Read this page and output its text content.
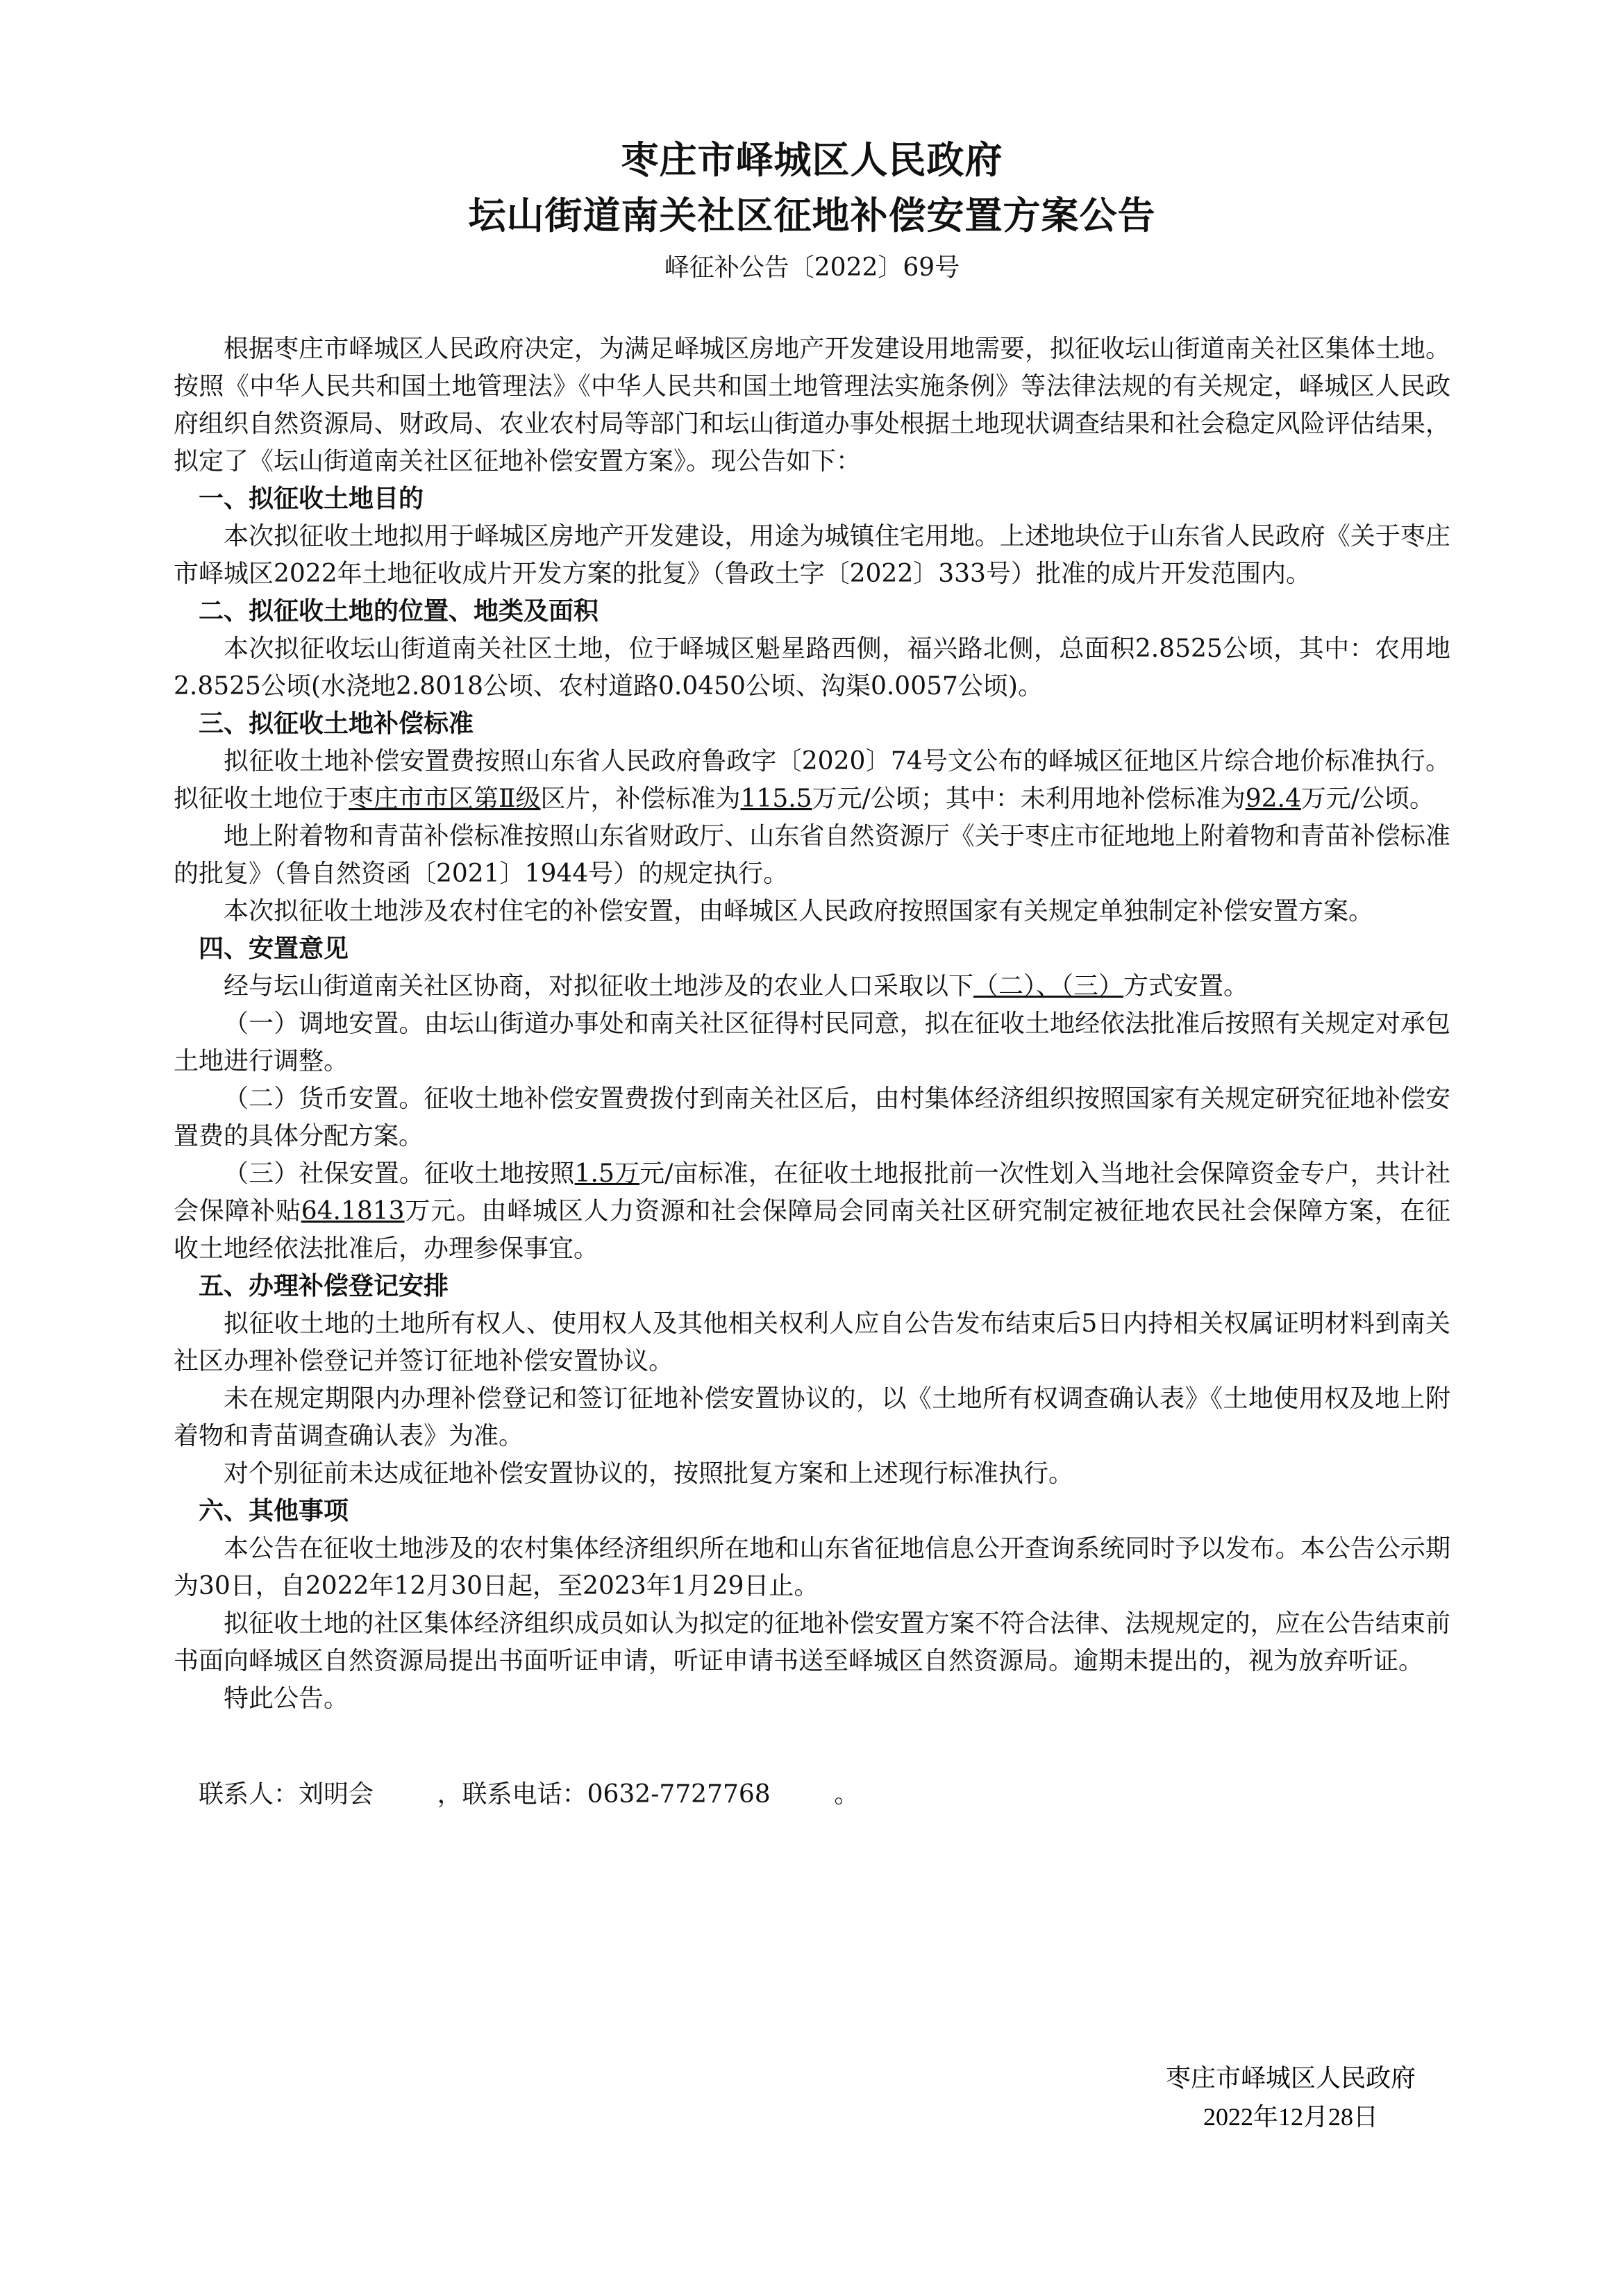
枣庄市峄城区人民政府
坛山街道南关社区征地补偿安置方案公告
峄征补公告〔2022〕69号

根据枣庄市峄城区人民政府决定，为满足峄城区房地产开发建设用地需要，拟征收坛山街道南关社区集体土地。按照《中华人民共和国土地管理法》《中华人民共和国土地管理法实施条例》等法律法规的有关规定，峄城区人民政府组织自然资源局、财政局、农业农村局等部门和坛山街道办事处根据土地现状调查结果和社会稳定风险评估结果，拟定了《坛山街道南关社区征地补偿安置方案》。现公告如下：

一、拟征收土地目的

本次拟征收土地拟用于峄城区房地产开发建设，用途为城镇住宅用地。上述地块位于山东省人民政府《关于枣庄市峄城区2022年土地征收成片开发方案的批复》（鲁政土字〔2022〕333号）批准的成片开发范围内。

二、拟征收土地的位置、地类及面积

本次拟征收坛山街道南关社区土地，位于峄城区魁星路西侧，福兴路北侧，总面积2.8525公顷，其中：农用地2.8525公顷(水浇地2.8018公顷、农村道路0.0450公顷、沟渠0.0057公顷)。

三、拟征收土地补偿标准

拟征收土地补偿安置费按照山东省人民政府鲁政字〔2020〕74号文公布的峄城区征地区片综合地价标准执行。拟征收土地位于枣庄市市区第Ⅱ级区片，补偿标准为115.5万元/公顷；其中：未利用地补偿标准为92.4万元/公顷。

地上附着物和青苗补偿标准按照山东省财政厅、山东省自然资源厅《关于枣庄市征地地上附着物和青苗补偿标准的批复》（鲁自然资函〔2021〕1944号）的规定执行。

本次拟征收土地涉及农村住宅的补偿安置，由峄城区人民政府按照国家有关规定单独制定补偿安置方案。

四、安置意见

经与坛山街道南关社区协商，对拟征收土地涉及的农业人口采取以下（二）、（三）方式安置。

（一）调地安置。由坛山街道办事处和南关社区征得村民同意，拟在征收土地经依法批准后按照有关规定对承包土地进行调整。

（二）货币安置。征收土地补偿安置费拨付到南关社区后，由村集体经济组织按照国家有关规定研究征地补偿安置费的具体分配方案。

（三）社保安置。征收土地按照1.5万元/亩标准，在征收土地报批前一次性划入当地社会保障资金专户，共计社会保障补贴64.1813万元。由峄城区人力资源和社会保障局会同南关社区研究制定被征地农民社会保障方案，在征收土地经依法批准后，办理参保事宜。

五、办理补偿登记安排

拟征收土地的土地所有权人、使用权人及其他相关权利人应自公告发布结束后5日内持相关权属证明材料到南关社区办理补偿登记并签订征地补偿安置协议。

未在规定期限内办理补偿登记和签订征地补偿安置协议的，以《土地所有权调查确认表》《土地使用权及地上附着物和青苗调查确认表》为准。

对个别征前未达成征地补偿安置协议的，按照批复方案和上述现行标准执行。

六、其他事项

本公告在征收土地涉及的农村集体经济组织所在地和山东省征地信息公开查询系统同时予以发布。本公告公示期为30日，自2022年12月30日起，至2023年1月29日止。

拟征收土地的社区集体经济组织成员如认为拟定的征地补偿安置方案不符合法律、法规规定的，应在公告结束前书面向峄城区自然资源局提出书面听证申请，听证申请书送至峄城区自然资源局。逾期未提出的，视为放弃听证。

特此公告。

联系人：刘明会	，联系电话：0632-7727768	。
枣庄市峄城区人民政府
2022年12月28日
